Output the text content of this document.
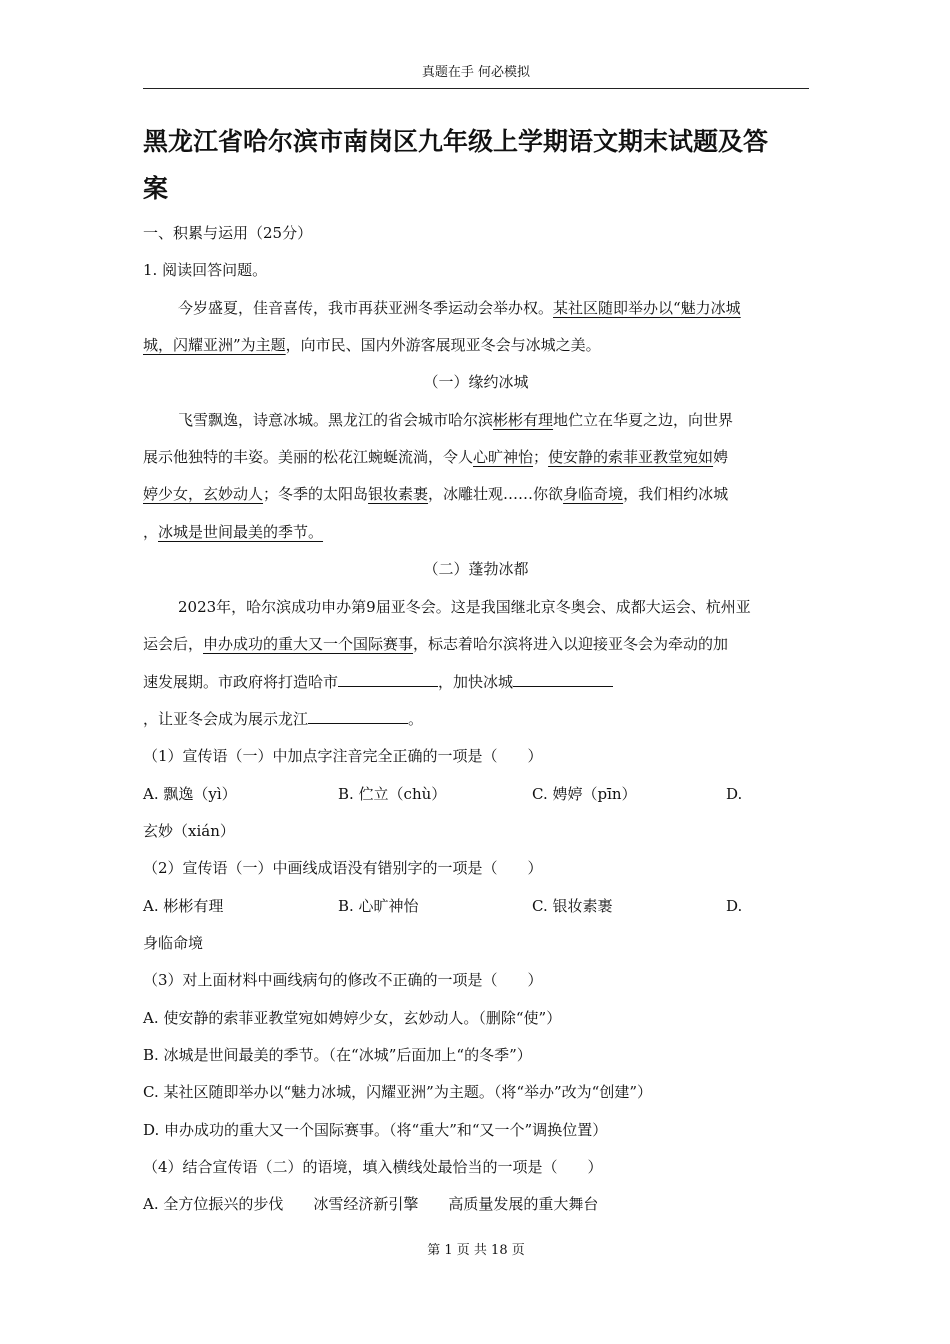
真题在手 何必模拟
黑龙江省哈尔滨市南岗区九年级上学期语文期末试题及答
案
一、积累与运用（25分）
1. 阅读回答问题。
今岁盛夏，佳音喜传，我市再获亚洲冬季运动会举办权。某社区随即举办以“魅力冰城
城，闪耀亚洲”为主题，向市民、国内外游客展现亚冬会与冰城之美。
（一）缘约冰城
飞雪飘逸，诗意冰城。黑龙江的省会城市哈尔滨彬彬有理地伫立在华夏之边，向世界
展示他独特的丰姿。美丽的松花江蜿蜒流淌，令人心旷神怡；使安静的索菲亚教堂宛如娉
婷少女，玄妙动人；冬季的太阳岛银妆素裹，冰雕壮观……你欲身临奇境，我们相约冰城
，冰城是世间最美的季节。
（二）蓬勃冰都
2023年，哈尔滨成功申办第9届亚冬会。这是我国继北京冬奥会、成都大运会、杭州亚
运会后，申办成功的重大又一个国际赛事，标志着哈尔滨将进入以迎接亚冬会为牵动的加
速发展期。市政府将打造哈市	，加快冰城
，让亚冬会成为展示龙江	。
（1）宣传语（一）中加点字注音完全正确的一项是（　　）
A. 飘逸（yì）	B. 伫立（chù）	C. 娉婷（pīn）	D.
玄妙（xián）
（2）宣传语（一）中画线成语没有错别字的一项是（　　）
A. 彬彬有理	B. 心旷神怡	C. 银妆素裹	D.
身临命境
（3）对上面材料中画线病句的修改不正确的一项是（　　）
A. 使安静的索菲亚教堂宛如娉婷少女，玄妙动人。（删除“使”）
B. 冰城是世间最美的季节。（在“冰城”后面加上“的冬季”）
C. 某社区随即举办以“魅力冰城，闪耀亚洲”为主题。（将“举办”改为“创建”）
D. 申办成功的重大又一个国际赛事。（将“重大”和“又一个”调换位置）
（4）结合宣传语（二）的语境，填入横线处最恰当的一项是（　　）
A. 全方位振兴的步伐　　冰雪经济新引擎　　高质量发展的重大舞台
第 1 页 共 18 页
